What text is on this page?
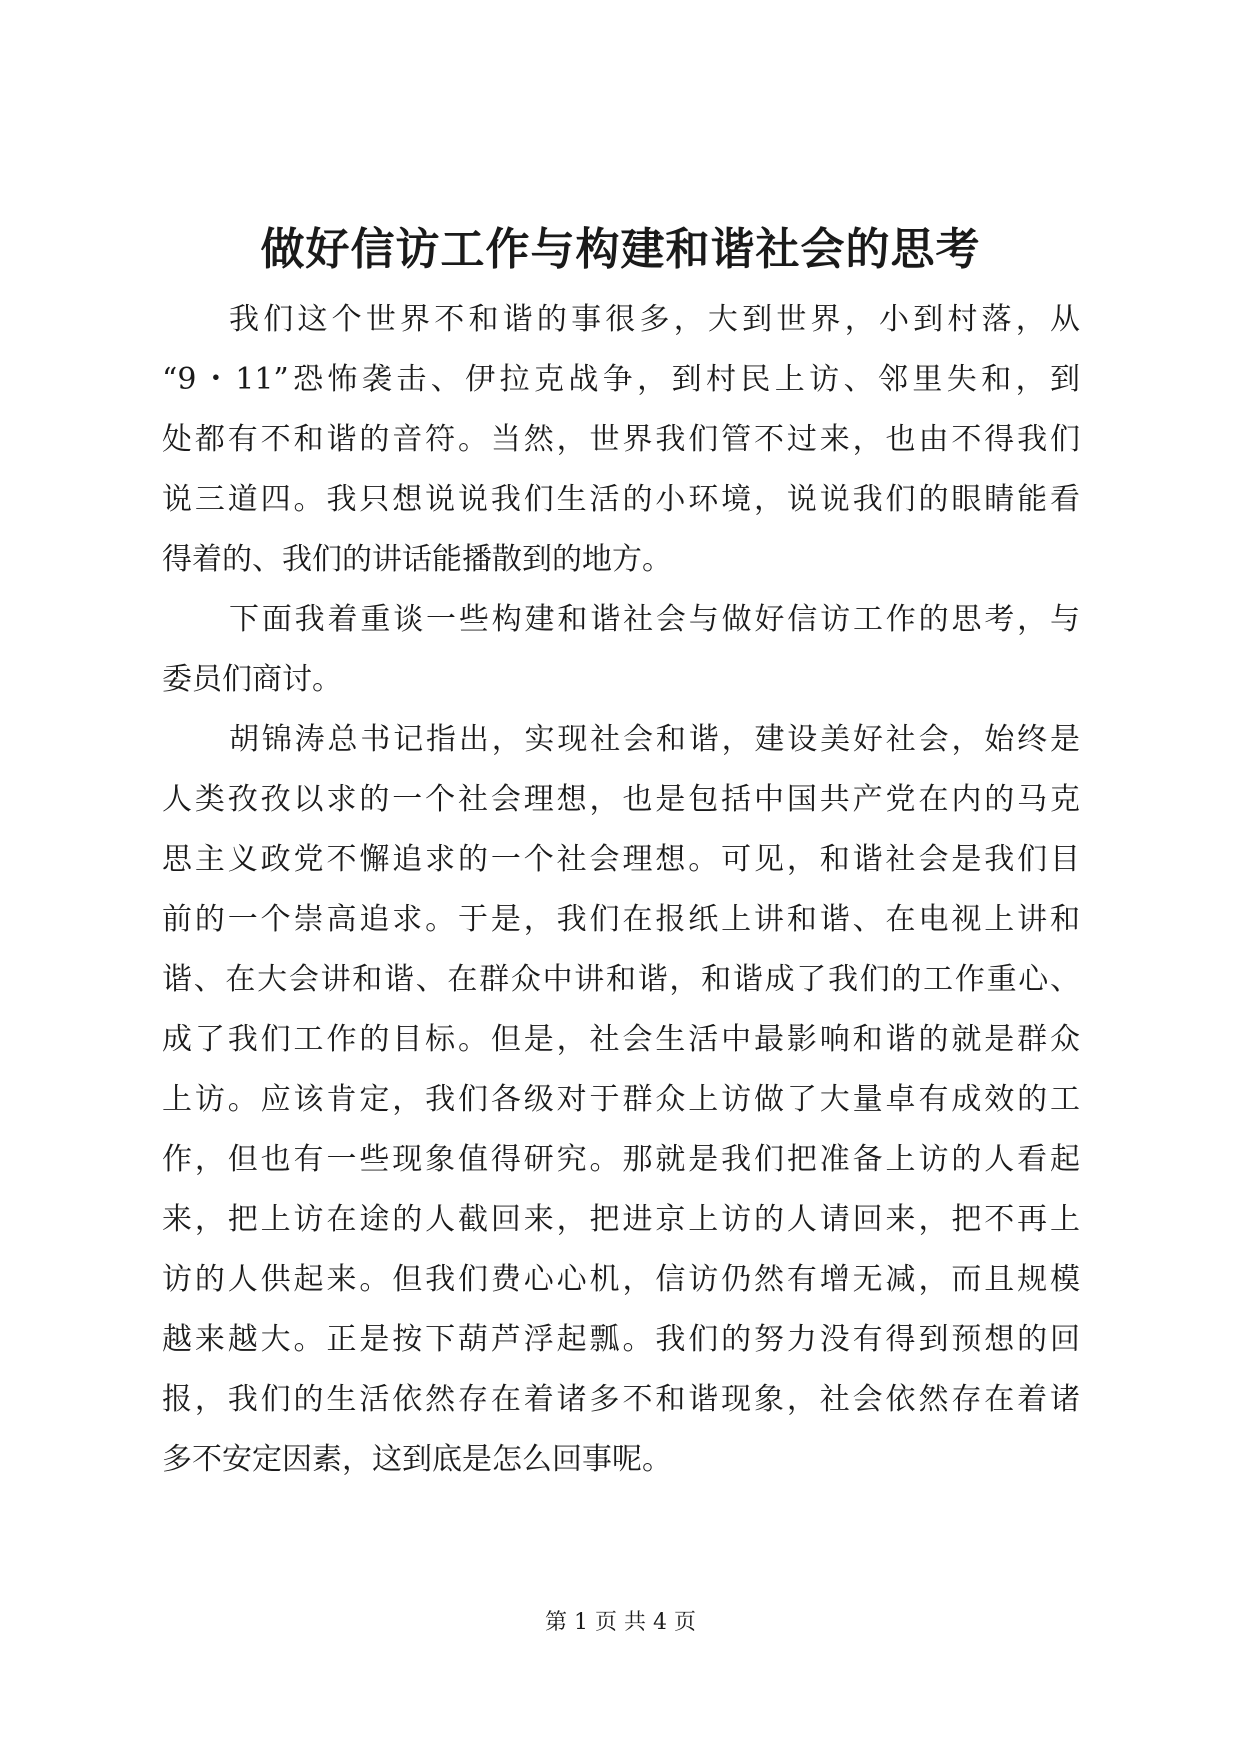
做好信访工作与构建和谐社会的思考

我们这个世界不和谐的事很多，大到世界，小到村落，从

“9・11”恐怖袭击、伊拉克战争，到村民上访、邻里失和，到

处都有不和谐的音符。当然，世界我们管不过来，也由不得我们

说三道四。我只想说说我们生活的小环境，说说我们的眼睛能看

得着的、我们的讲话能播散到的地方。

下面我着重谈一些构建和谐社会与做好信访工作的思考，与

委员们商讨。

胡锦涛总书记指出，实现社会和谐，建设美好社会，始终是

人类孜孜以求的一个社会理想，也是包括中国共产党在内的马克

思主义政党不懈追求的一个社会理想。可见，和谐社会是我们目

前的一个崇高追求。于是，我们在报纸上讲和谐、在电视上讲和

谐、在大会讲和谐、在群众中讲和谐，和谐成了我们的工作重心、

成了我们工作的目标。但是，社会生活中最影响和谐的就是群众

上访。应该肯定，我们各级对于群众上访做了大量卓有成效的工

作，但也有一些现象值得研究。那就是我们把准备上访的人看起

来，把上访在途的人截回来，把进京上访的人请回来，把不再上

访的人供起来。但我们费心心机，信访仍然有增无减，而且规模

越来越大。正是按下葫芦浮起瓢。我们的努力没有得到预想的回

报，我们的生活依然存在着诸多不和谐现象，社会依然存在着诸

多不安定因素，这到底是怎么回事呢。

第 1 页 共 4 页
